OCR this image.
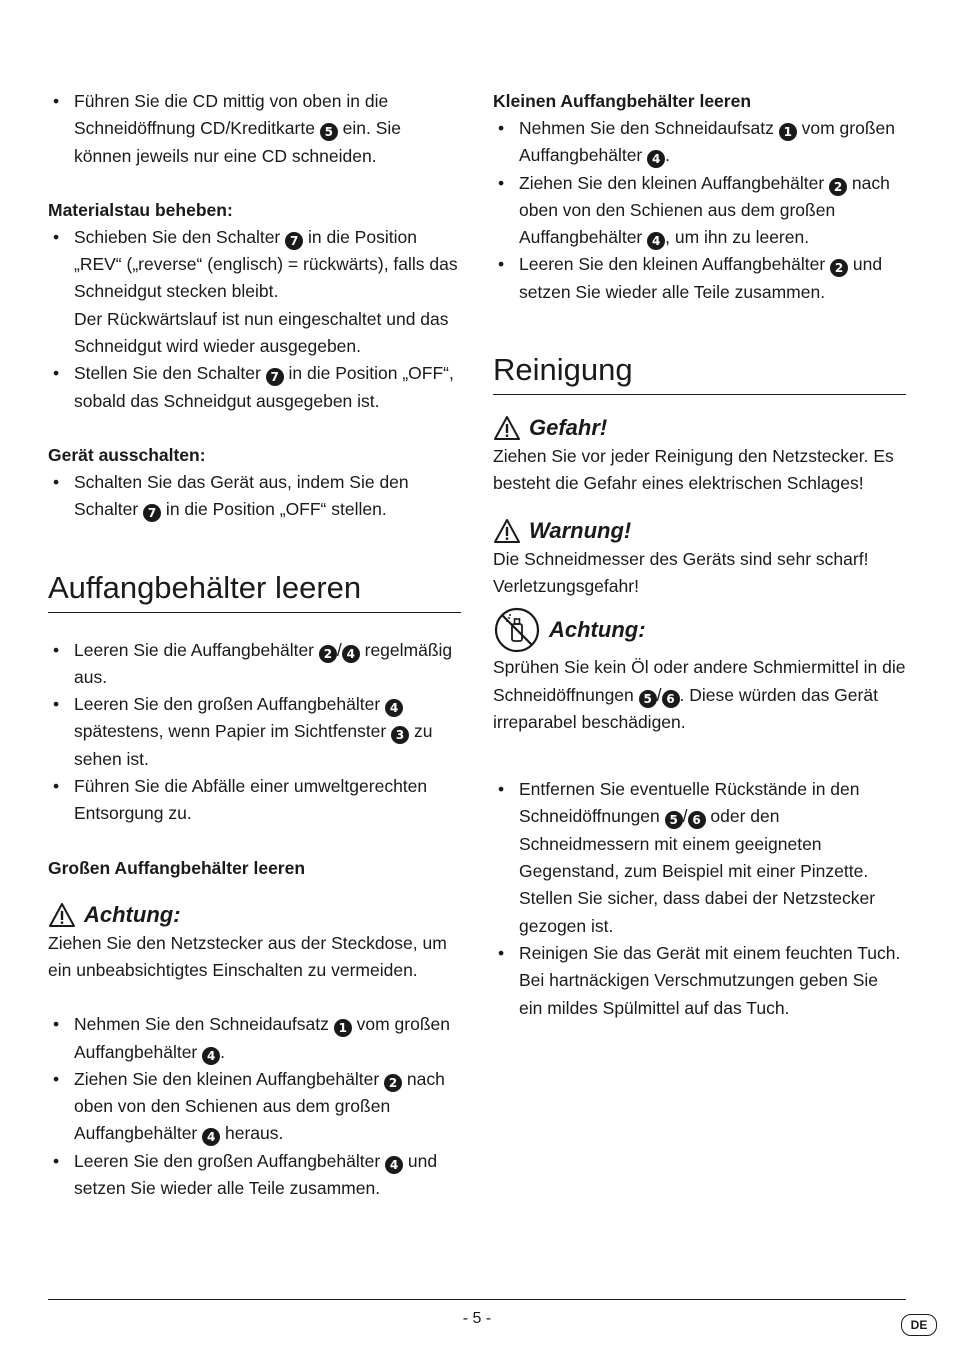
• Führen Sie die CD mittig von oben in die Schneidöffnung CD/Kreditkarte 5 ein. Sie können jeweils nur eine CD schneiden.

Materialstau beheben:

• Schieben Sie den Schalter 7 in die Position „REV“ („reverse“ (englisch) = rückwärts), falls das Schneidgut stecken bleibt.

Der Rückwärtslauf ist nun eingeschaltet und das Schneidgut wird wieder ausgegeben.

• Stellen Sie den Schalter 7 in die Position „OFF“, sobald das Schneidgut ausgegeben ist.

Gerät ausschalten:

• Schalten Sie das Gerät aus, indem Sie den Schalter 7 in die Position „OFF“ stellen.
Auffangbehälter leeren
• Leeren Sie die Auffangbehälter 2 / 4 regelmäßig aus.
• Leeren Sie den großen Auffangbehälter 4 spätestens, wenn Papier im Sichtfenster 3 zu sehen ist.
• Führen Sie die Abfälle einer umweltgerechten Entsorgung zu.

Großen Auffangbehälter leeren

Achtung:

Ziehen Sie den Netzstecker aus der Steckdose, um ein unbeabsichtigtes Einschalten zu vermeiden.

• Nehmen Sie den Schneidaufsatz 1 vom großen Auffangbehälter 4 .
• Ziehen Sie den kleinen Auffangbehälter 2 nach oben von den Schienen aus dem großen Auffangbehälter 4 heraus.
• Leeren Sie den großen Auffangbehälter 4 und setzen Sie wieder alle Teile zusammen.

Kleinen Auffangbehälter leeren

• Nehmen Sie den Schneidaufsatz 1 vom großen Auffangbehälter 4 .
• Ziehen Sie den kleinen Auffangbehälter 2 nach oben von den Schienen aus dem großen Auffangbehälter 4 , um ihn zu leeren.
• Leeren Sie den kleinen Auffangbehälter 2 und setzen Sie wieder alle Teile zusammen.
Reinigung
Gefahr!

Ziehen Sie vor jeder Reinigung den Netzstecker. Es besteht die Gefahr eines elektrischen Schlages!

Warnung!

Die Schneidmesser des Geräts sind sehr scharf! Verletzungsgefahr!

Achtung:

Sprühen Sie kein Öl oder andere Schmiermittel in die Schneidöffnungen 5 / 6 . Diese würden das Gerät irreparabel beschädigen.

• Entfernen Sie eventuelle Rückstände in den Schneidöffnungen 5 / 6 oder den Schneidmessern mit einem geeigneten Gegenstand, zum Beispiel mit einer Pinzette. Stellen Sie sicher, dass dabei der Netzstecker gezogen ist.
• Reinigen Sie das Gerät mit einem feuchten Tuch. Bei hartnäckigen Verschmutzungen geben Sie ein mildes Spülmittel auf das Tuch.
- 5 -	DE
